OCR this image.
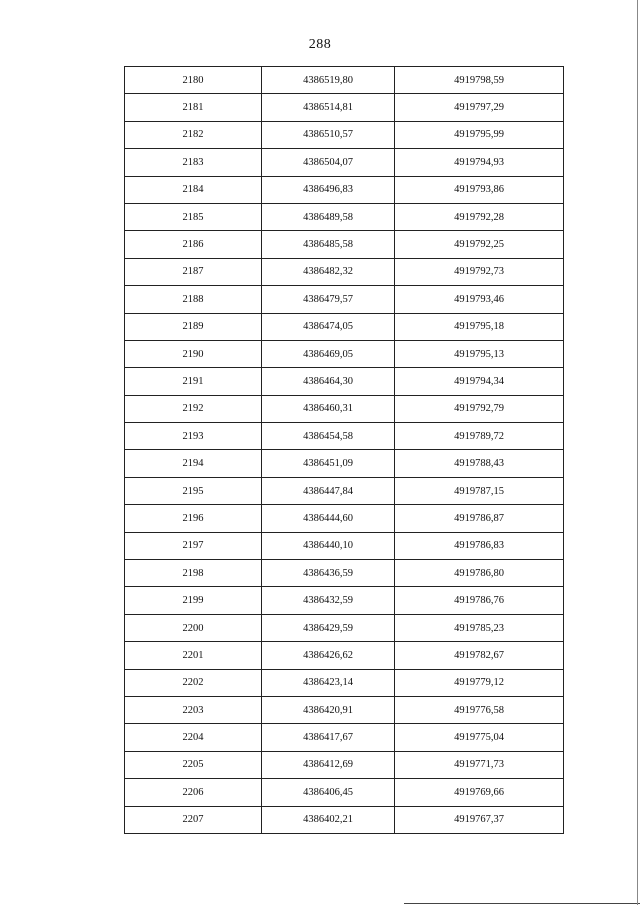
288
2180	4386519,80	4919798,59
2181	4386514,81	4919797,29
2182	4386510,57	4919795,99
2183	4386504,07	4919794,93
2184	4386496,83	4919793,86
2185	4386489,58	4919792,28
2186	4386485,58	4919792,25
2187	4386482,32	4919792,73
2188	4386479,57	4919793,46
2189	4386474,05	4919795,18
2190	4386469,05	4919795,13
2191	4386464,30	4919794,34
2192	4386460,31	4919792,79
2193	4386454,58	4919789,72
2194	4386451,09	4919788,43
2195	4386447,84	4919787,15
2196	4386444,60	4919786,87
2197	4386440,10	4919786,83
2198	4386436,59	4919786,80
2199	4386432,59	4919786,76
2200	4386429,59	4919785,23
2201	4386426,62	4919782,67
2202	4386423,14	4919779,12
2203	4386420,91	4919776,58
2204	4386417,67	4919775,04
2205	4386412,69	4919771,73
2206	4386406,45	4919769,66
2207	4386402,21	4919767,37
